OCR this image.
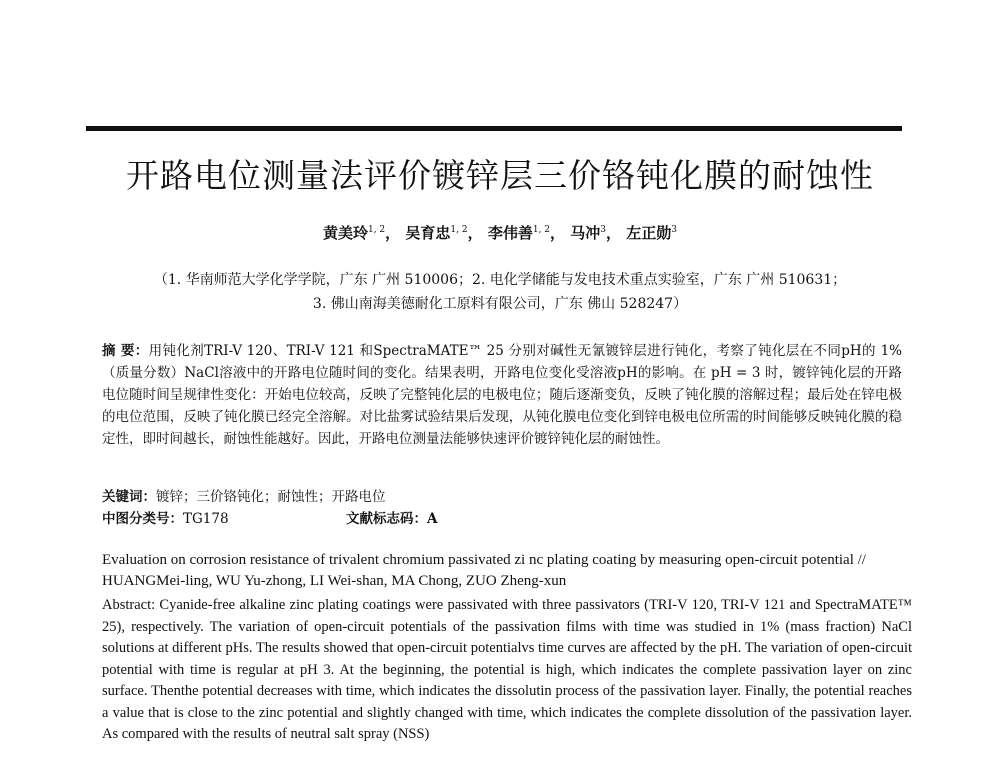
开路电位测量法评价镀锌层三价铬钝化膜的耐蚀性
黄美玲$^{1, 2}$， 吴育忠$^{1, 2}$， 李伟善$^{1, 2}$， 马冲$^3$， 左正勋$^3$
（1. 华南师范大学化学学院，广东 广州 510006；2. 电化学储能与发电技术重点实验室，广东 广州 510631；
3. 佛山南海美德耐化工原料有限公司，广东 佛山 528247）
摘 要：用钝化剂TRI-V 120、TRI-V 121 和SpectraMATE™ 25 分别对碱性无氰镀锌层进行钝化，考察了钝化层在不同pH的 1%（质量分数）NaCl溶液中的开路电位随时间的变化。结果表明，开路电位变化受溶液pH的影响。在 pH = 3 时，镀锌钝化层的开路电位随时间呈规律性变化：开始电位较高，反映了完整钝化层的电极电位；随后逐渐变负，反映了钝化膜的溶解过程；最后处在锌电极的电位范围，反映了钝化膜已经完全溶解。对比盐雾试验结果后发现，从钝化膜电位变化到锌电极电位所需的时间能够反映钝化膜的稳定性，即时间越长，耐蚀性能越好。因此，开路电位测量法能够快速评价镀锌钝化层的耐蚀性。
关键词：镀锌；三价铬钝化；耐蚀性；开路电位
中图分类号：TG178	文献标志码：A
Evaluation on corrosion resistance of trivalent chromium passivated zi nc plating coating by measuring open-circuit potential // HUANGMei-ling, WU Yu-zhong, LI Wei-shan, MA Chong, ZUO Zheng-xun
Abstract: Cyanide-free alkaline zinc plating coatings were passivated with three passivators (TRI-V 120, TRI-V 121 and SpectraMATE™ 25), respectively. The variation of open-circuit potentials of the passivation films with time was studied in 1% (mass fraction) NaCl solutions at different pHs. The results showed that open-circuit potentialvs time curves are affected by the pH. The variation of open-circuit potential with time is regular at pH 3. At the beginning, the potential is high, which indicates the complete passivation layer on zinc surface. Thenthe potential decreases with time, which indicates the dissolutin process of the passivation layer. Finally, the potential reaches a value that is close to the zinc potential and slightly changed with time, which indicates the complete dissolution of the passivation layer. As compared with the results of neutral salt spray (NSS)
